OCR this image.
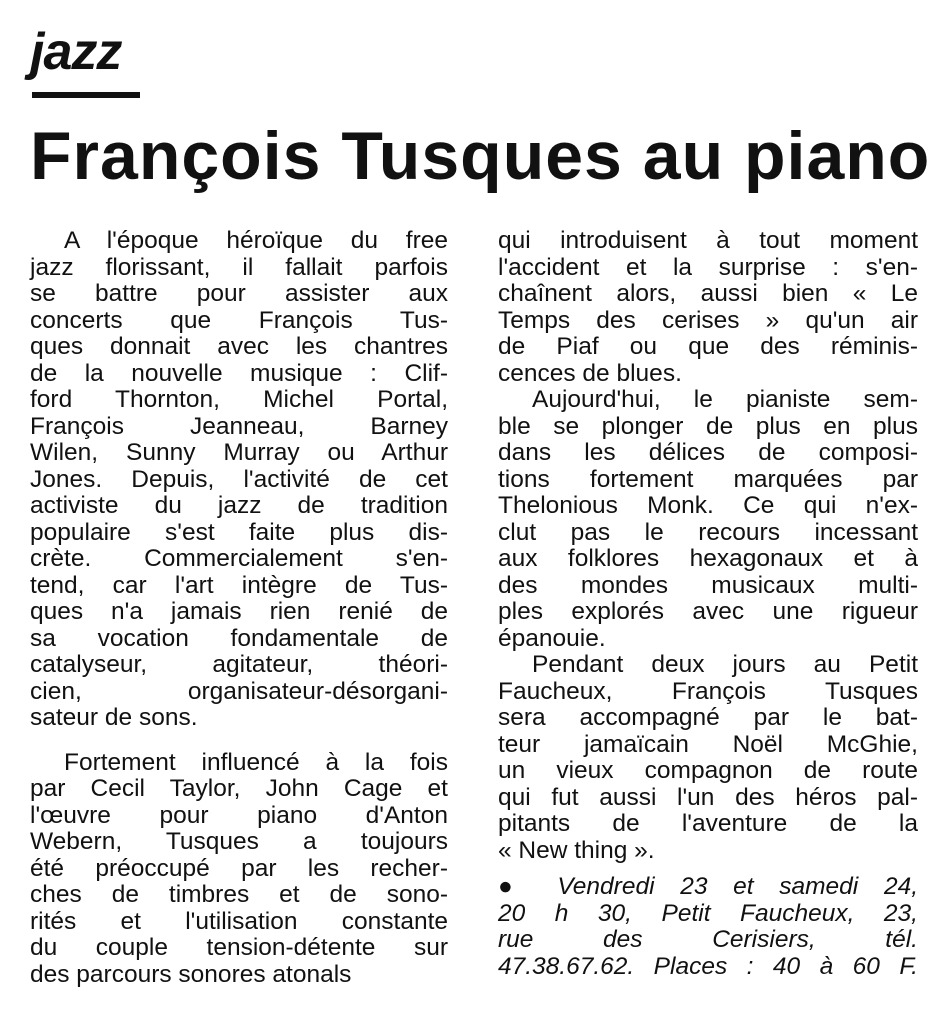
jazz
François Tusques au piano

A l'époque héroïque du free
jazz florissant, il fallait parfois
se battre pour assister aux
concerts que François Tus-
ques donnait avec les chantres
de la nouvelle musique : Clif-
ford Thornton, Michel Portal,
François Jeanneau, Barney
Wilen, Sunny Murray ou Arthur
Jones. Depuis, l'activité de cet
activiste du jazz de tradition
populaire s'est faite plus dis-
crète. Commercialement s'en-
tend, car l'art intègre de Tus-
ques n'a jamais rien renié de
sa vocation fondamentale de
catalyseur, agitateur, théori-
cien, organisateur-désorgani-
sateur de sons.

Fortement influencé à la fois
par Cecil Taylor, John Cage et
l'œuvre pour piano d'Anton
Webern, Tusques a toujours
été préoccupé par les recher-
ches de timbres et de sono-
rités et l'utilisation constante
du couple tension-détente sur
des parcours sonores atonals

qui introduisent à tout moment
l'accident et la surprise : s'en-
chaînent alors, aussi bien « Le
Temps des cerises » qu'un air
de Piaf ou que des réminis-
cences de blues.

Aujourd'hui, le pianiste sem-
ble se plonger de plus en plus
dans les délices de composi-
tions fortement marquées par
Thelonious Monk. Ce qui n'ex-
clut pas le recours incessant
aux folklores hexagonaux et à
des mondes musicaux multi-
ples explorés avec une rigueur
épanouie.

Pendant deux jours au Petit
Faucheux, François Tusques
sera accompagné par le bat-
teur jamaïcain Noël McGhie,
un vieux compagnon de route
qui fut aussi l'un des héros pal-
pitants de l'aventure de la
« New thing ».

● Vendredi 23 et samedi 24,
20 h 30, Petit Faucheux, 23,
rue des Cerisiers, tél.
47.38.67.62. Places : 40 à 60 F.
